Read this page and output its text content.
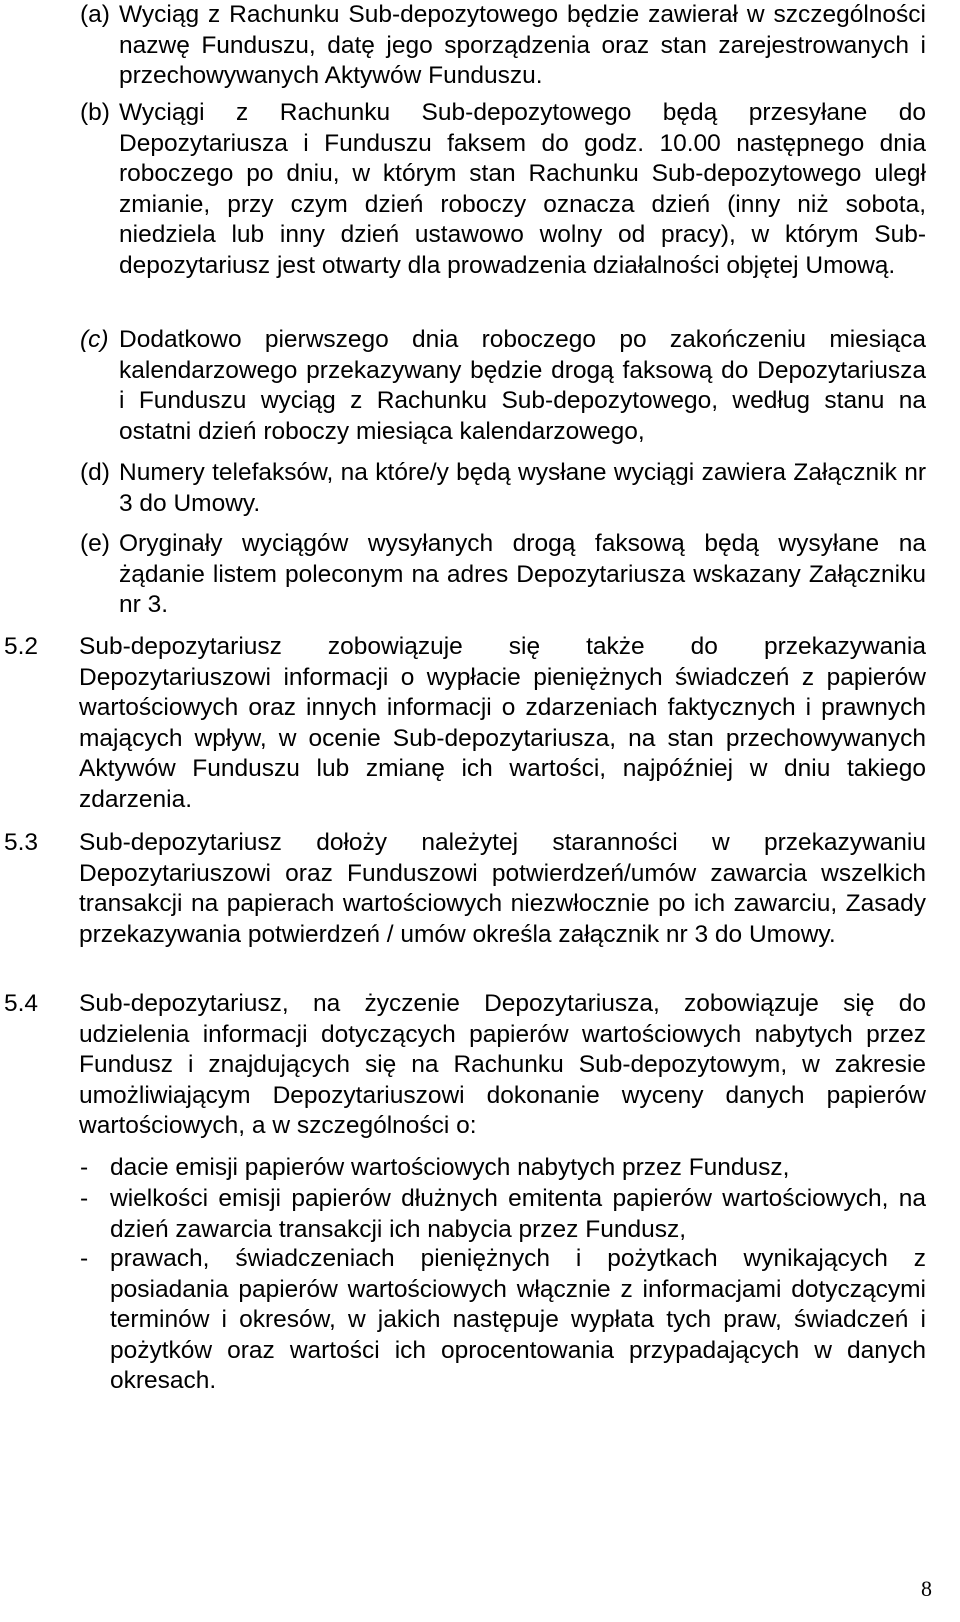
(a) Wyciąg z Rachunku Sub-depozytowego będzie zawierał w szczególności nazwę Funduszu, datę jego sporządzenia oraz stan zarejestrowanych i przechowywanych Aktywów Funduszu.
(b) Wyciągi z Rachunku Sub-depozytowego będą przesyłane do Depozytariusza i Funduszu faksem do godz. 10.00 następnego dnia roboczego po dniu, w którym stan Rachunku Sub-depozytowego uległ zmianie, przy czym dzień roboczy oznacza dzień (inny niż sobota, niedziela lub inny dzień ustawowo wolny od pracy), w którym Sub-depozytariusz jest otwarty dla prowadzenia działalności objętej Umową.
(c) Dodatkowo pierwszego dnia roboczego po zakończeniu miesiąca kalendarzowego przekazywany będzie drogą faksową do Depozytariusza i Funduszu wyciąg z Rachunku Sub-depozytowego, według stanu na ostatni dzień roboczy miesiąca kalendarzowego,
(d) Numery telefaksów, na które/y będą wysłane wyciągi zawiera Załącznik nr 3 do Umowy.
(e) Oryginały wyciągów wysyłanych drogą faksową będą wysyłane na żądanie listem poleconym na adres Depozytariusza wskazany Załączniku nr 3.
5.2 Sub-depozytariusz zobowiązuje się także do przekazywania Depozytariuszowi informacji o wypłacie pieniężnych świadczeń z papierów wartościowych oraz innych informacji o zdarzeniach faktycznych i prawnych mających wpływ, w ocenie Sub-depozytariusza, na stan przechowywanych Aktywów Funduszu lub zmianę ich wartości, najpóźniej w dniu takiego zdarzenia.
5.3 Sub-depozytariusz dołoży należytej staranności w przekazywaniu Depozytariuszowi oraz Funduszowi potwierdzeń/umów zawarcia wszelkich transakcji na papierach wartościowych niezwłocznie po ich zawarciu, Zasady przekazywania potwierdzeń / umów określa załącznik nr 3 do Umowy.
5.4 Sub-depozytariusz, na życzenie Depozytariusza, zobowiązuje się do udzielenia informacji dotyczących papierów wartościowych nabytych przez Fundusz i znajdujących się na Rachunku Sub-depozytowym, w zakresie umożliwiającym Depozytariuszowi dokonanie wyceny danych papierów wartościowych, a w szczególności o:
- dacie emisji papierów wartościowych nabytych przez Fundusz,
- wielkości emisji papierów dłużnych emitenta papierów wartościowych, na dzień zawarcia transakcji ich nabycia przez Fundusz,
- prawach, świadczeniach pieniężnych i pożytkach wynikających z posiadania papierów wartościowych włącznie z informacjami dotyczącymi terminów i okresów, w jakich następuje wypłata tych praw, świadczeń i pożytków oraz wartości ich oprocentowania przypadających w danych okresach.
8
